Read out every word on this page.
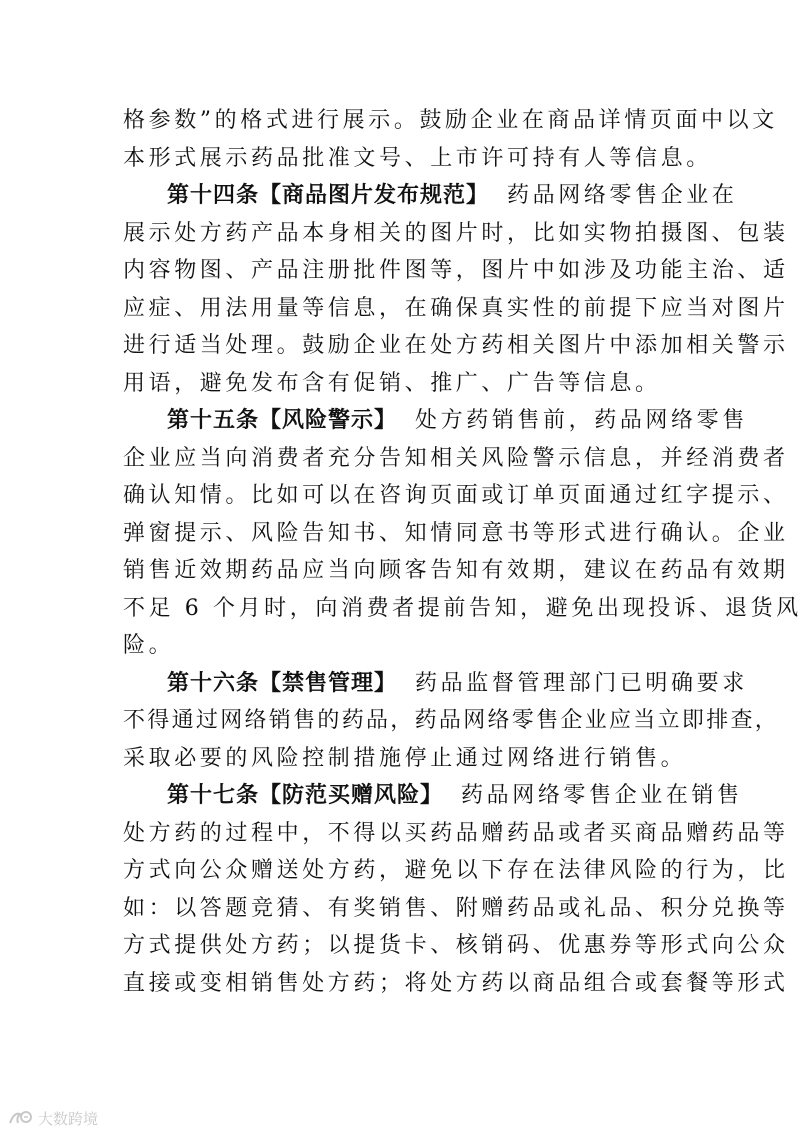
格参数”的格式进行展示。鼓励企业在商品详情页面中以文
本形式展示药品批准文号、上市许可持有人等信息。
第十四条【商品图片发布规范】 药品网络零售企业在
展示处方药产品本身相关的图片时，比如实物拍摄图、包装
内容物图、产品注册批件图等，图片中如涉及功能主治、适
应症、用法用量等信息，在确保真实性的前提下应当对图片
进行适当处理。鼓励企业在处方药相关图片中添加相关警示
用语，避免发布含有促销、推广、广告等信息。
第十五条【风险警示】 处方药销售前，药品网络零售
企业应当向消费者充分告知相关风险警示信息，并经消费者
确认知情。比如可以在咨询页面或订单页面通过红字提示、
弹窗提示、风险告知书、知情同意书等形式进行确认。企业
销售近效期药品应当向顾客告知有效期，建议在药品有效期
不足 6 个月时，向消费者提前告知，避免出现投诉、退货风
险。
第十六条【禁售管理】 药品监督管理部门已明确要求
不得通过网络销售的药品，药品网络零售企业应当立即排查，
采取必要的风险控制措施停止通过网络进行销售。
第十七条【防范买赠风险】 药品网络零售企业在销售
处方药的过程中，不得以买药品赠药品或者买商品赠药品等
方式向公众赠送处方药，避免以下存在法律风险的行为，比
如：以答题竞猜、有奖销售、附赠药品或礼品、积分兑换等
方式提供处方药；以提货卡、核销码、优惠券等形式向公众
直接或变相销售处方药；将处方药以商品组合或套餐等形式
大数跨境
